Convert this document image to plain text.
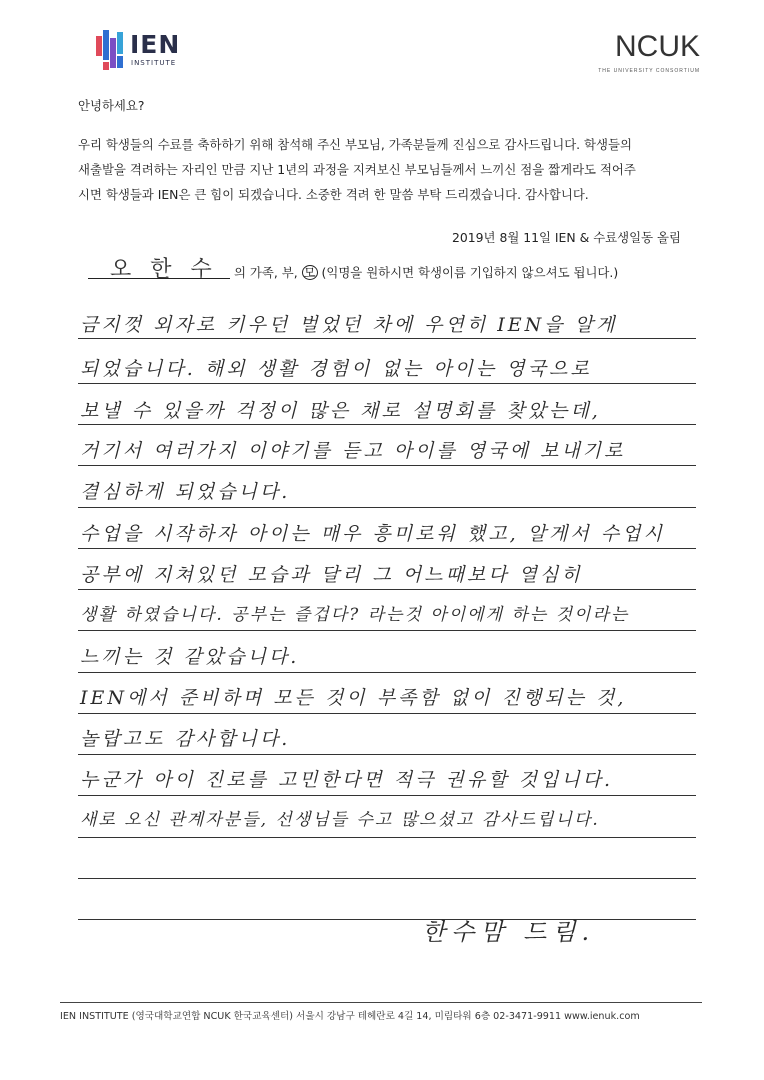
IEN
INSTITUTE	NCUK
THE UNIVERSITY CONSORTIUM
안녕하세요?
우리 학생들의 수료를 축하하기 위해 참석해 주신 부모님, 가족분들께 진심으로 감사드립니다. 학생들의
새출발을 격려하는 자리인 만큼 지난 1년의 과정을 지켜보신 부모님들께서 느끼신 점을 짧게라도 적어주
시면 학생들과 IEN은 큰 힘이 되겠습니다. 소중한 격려 한 말씀 부탁 드리겠습니다. 감사합니다.
2019년 8월 11일 IEN & 수료생일동 올림
오 한 수 의 가족, 부, 모 (익명을 원하시면 학생이름 기입하지 않으셔도 됩니다.)
금지껏 외자로 키우던 벌었던 차에 우연히 IEN을 알게
되었습니다. 해외 생활 경험이 없는 아이는 영국으로
보낼 수 있을까 걱정이 많은 채로 설명회를 찾았는데,
거기서 여러가지 이야기를 듣고 아이를 영국에 보내기로
결심하게 되었습니다.
수업을 시작하자 아이는 매우 흥미로워 했고, 알게서 수업시
공부에 지쳐있던 모습과 달리 그 어느때보다 열심히
생활 하였습니다. 공부는 즐겁다? 라는것 아이에게 하는 것이라는
느끼는 것 같았습니다.
IEN에서 준비하며 모든 것이 부족함 없이 진행되는 것,
놀랍고도 감사합니다.
누군가 아이 진로를 고민한다면 적극 권유할 것입니다.
새로 오신 관계자분들, 선생님들 수고 많으셨고 감사드립니다.
한수맘 드림.
IEN INSTITUTE (영국대학교연합 NCUK 한국교육센터) 서울시 강남구 테헤란로 4길 14, 미림타워 6층 02-3471-9911 www.ienuk.com
